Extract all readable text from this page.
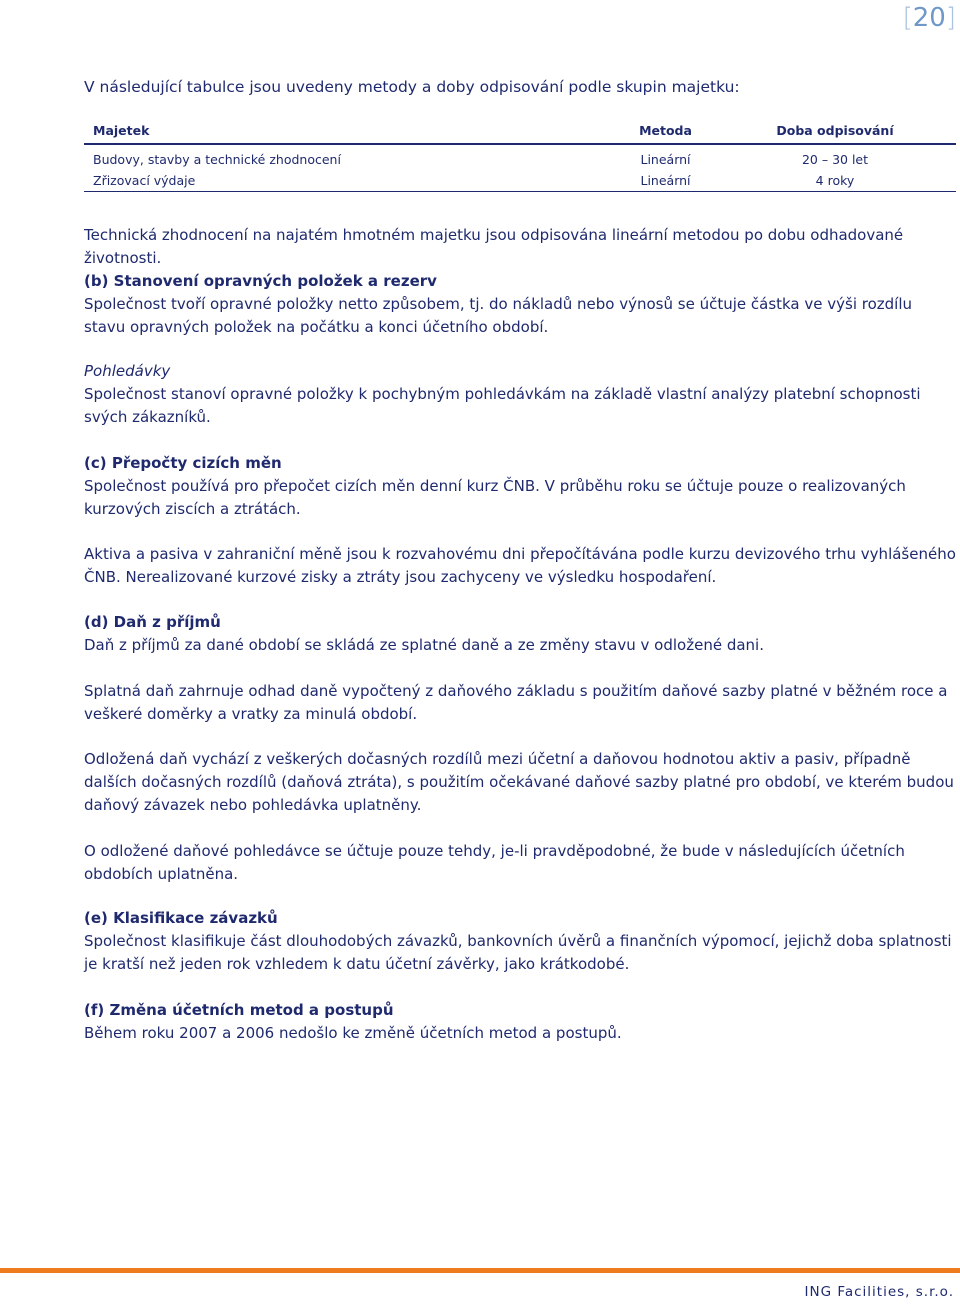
[20]

V následující tabulce jsou uvedeny metody a doby odpisování podle skupin majetku:

Majetek	Metoda	Doba odpisování
Budovy, stavby a technické zhodnocení	Lineární	20 – 30 let
Zřizovací výdaje	Lineární	4 roky

Technická zhodnocení na najatém hmotném majetku jsou odpisována lineární metodou po dobu odhadované životnosti.

(b) Stanovení opravných položek a rezerv

Společnost tvoří opravné položky netto způsobem, tj. do nákladů nebo výnosů se účtuje částka ve výši rozdílu stavu opravných položek na počátku a konci účetního období.

Pohledávky

Společnost stanoví opravné položky k pochybným pohledávkám na základě vlastní analýzy platební schopnosti svých zákazníků.

(c) Přepočty cizích měn

Společnost používá pro přepočet cizích měn denní kurz ČNB. V průběhu roku se účtuje pouze o realizovaných kurzových ziscích a ztrátách.

Aktiva a pasiva v zahraniční měně jsou k rozvahovému dni přepočítávána podle kurzu devizového trhu vyhlášeného ČNB. Nerealizované kurzové zisky a ztráty jsou zachyceny ve výsledku hospodaření.

(d) Daň z příjmů

Daň z příjmů za dané období se skládá ze splatné daně a ze změny stavu v odložené dani.

Splatná daň zahrnuje odhad daně vypočtený z daňového základu s použitím daňové sazby platné v běžném roce a veškeré doměrky a vratky za minulá období.

Odložená daň vychází z veškerých dočasných rozdílů mezi účetní a daňovou hodnotou aktiv a pasiv, případně dalších dočasných rozdílů (daňová ztráta), s použitím očekávané daňové sazby platné pro období, ve kterém budou daňový závazek nebo pohledávka uplatněny.

O odložené daňové pohledávce se účtuje pouze tehdy, je-li pravděpodobné, že bude v následujících účetních obdobích uplatněna.

(e) Klasifikace závazků

Společnost klasifikuje část dlouhodobých závazků, bankovních úvěrů a finančních výpomocí, jejichž doba splatnosti je kratší než jeden rok vzhledem k datu účetní závěrky, jako krátkodobé.

(f) Změna účetních metod a postupů

Během roku 2007 a 2006 nedošlo ke změně účetních metod a postupů.

ING Facilities, s.r.o.
